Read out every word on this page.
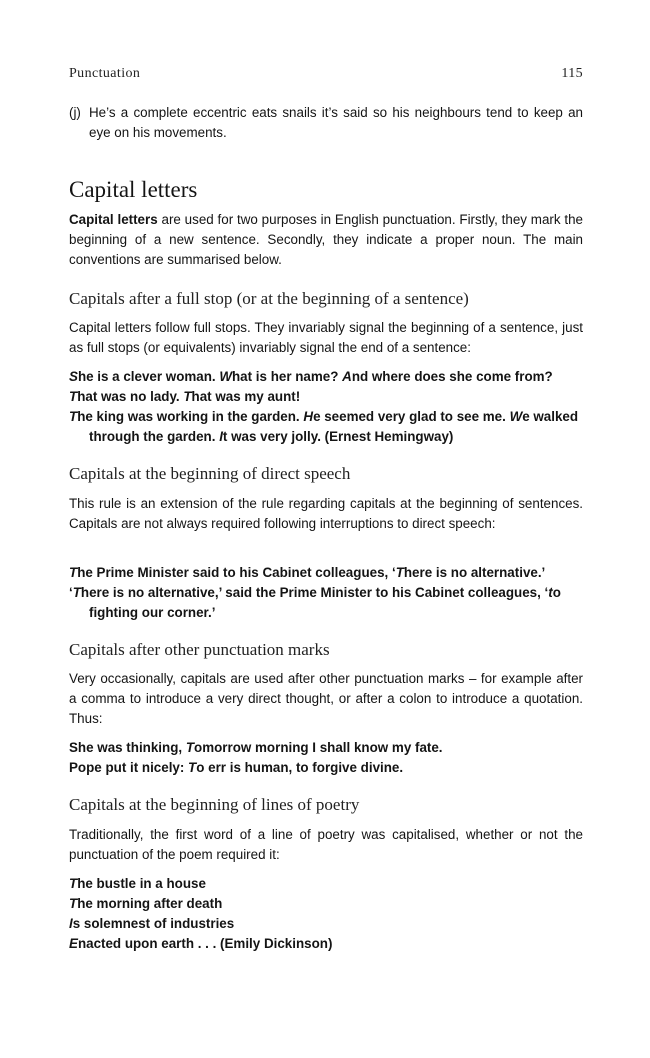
Punctuation	115
(j) He’s a complete eccentric eats snails it’s said so his neighbours tend to keep an eye on his movements.
Capital letters

Capital letters are used for two purposes in English punctuation. Firstly, they mark the beginning of a new sentence. Secondly, they indicate a proper noun. The main conventions are summarised below.

Capitals after a full stop (or at the beginning of a sentence)

Capital letters follow full stops. They invariably signal the beginning of a sentence, just as full stops (or equivalents) invariably signal the end of a sentence:

She is a clever woman. What is her name? And where does she come from?
That was no lady. That was my aunt!
The king was working in the garden. He seemed very glad to see me. We walked through the garden. It was very jolly. (Ernest Hemingway)
Capitals at the beginning of direct speech

This rule is an extension of the rule regarding capitals at the beginning of sentences. Capitals are not always required following interruptions to direct speech:

The Prime Minister said to his Cabinet colleagues, ‘There is no alternative.’
‘There is no alternative,’ said the Prime Minister to his Cabinet colleagues, ‘to fighting our corner.’
Capitals after other punctuation marks

Very occasionally, capitals are used after other punctuation marks – for example after a comma to introduce a very direct thought, or after a colon to introduce a quotation. Thus:

She was thinking, Tomorrow morning I shall know my fate.
Pope put it nicely: To err is human, to forgive divine.
Capitals at the beginning of lines of poetry

Traditionally, the first word of a line of poetry was capitalised, whether or not the punctuation of the poem required it:

The bustle in a house
The morning after death
Is solemnest of industries
Enacted upon earth . . . (Emily Dickinson)
